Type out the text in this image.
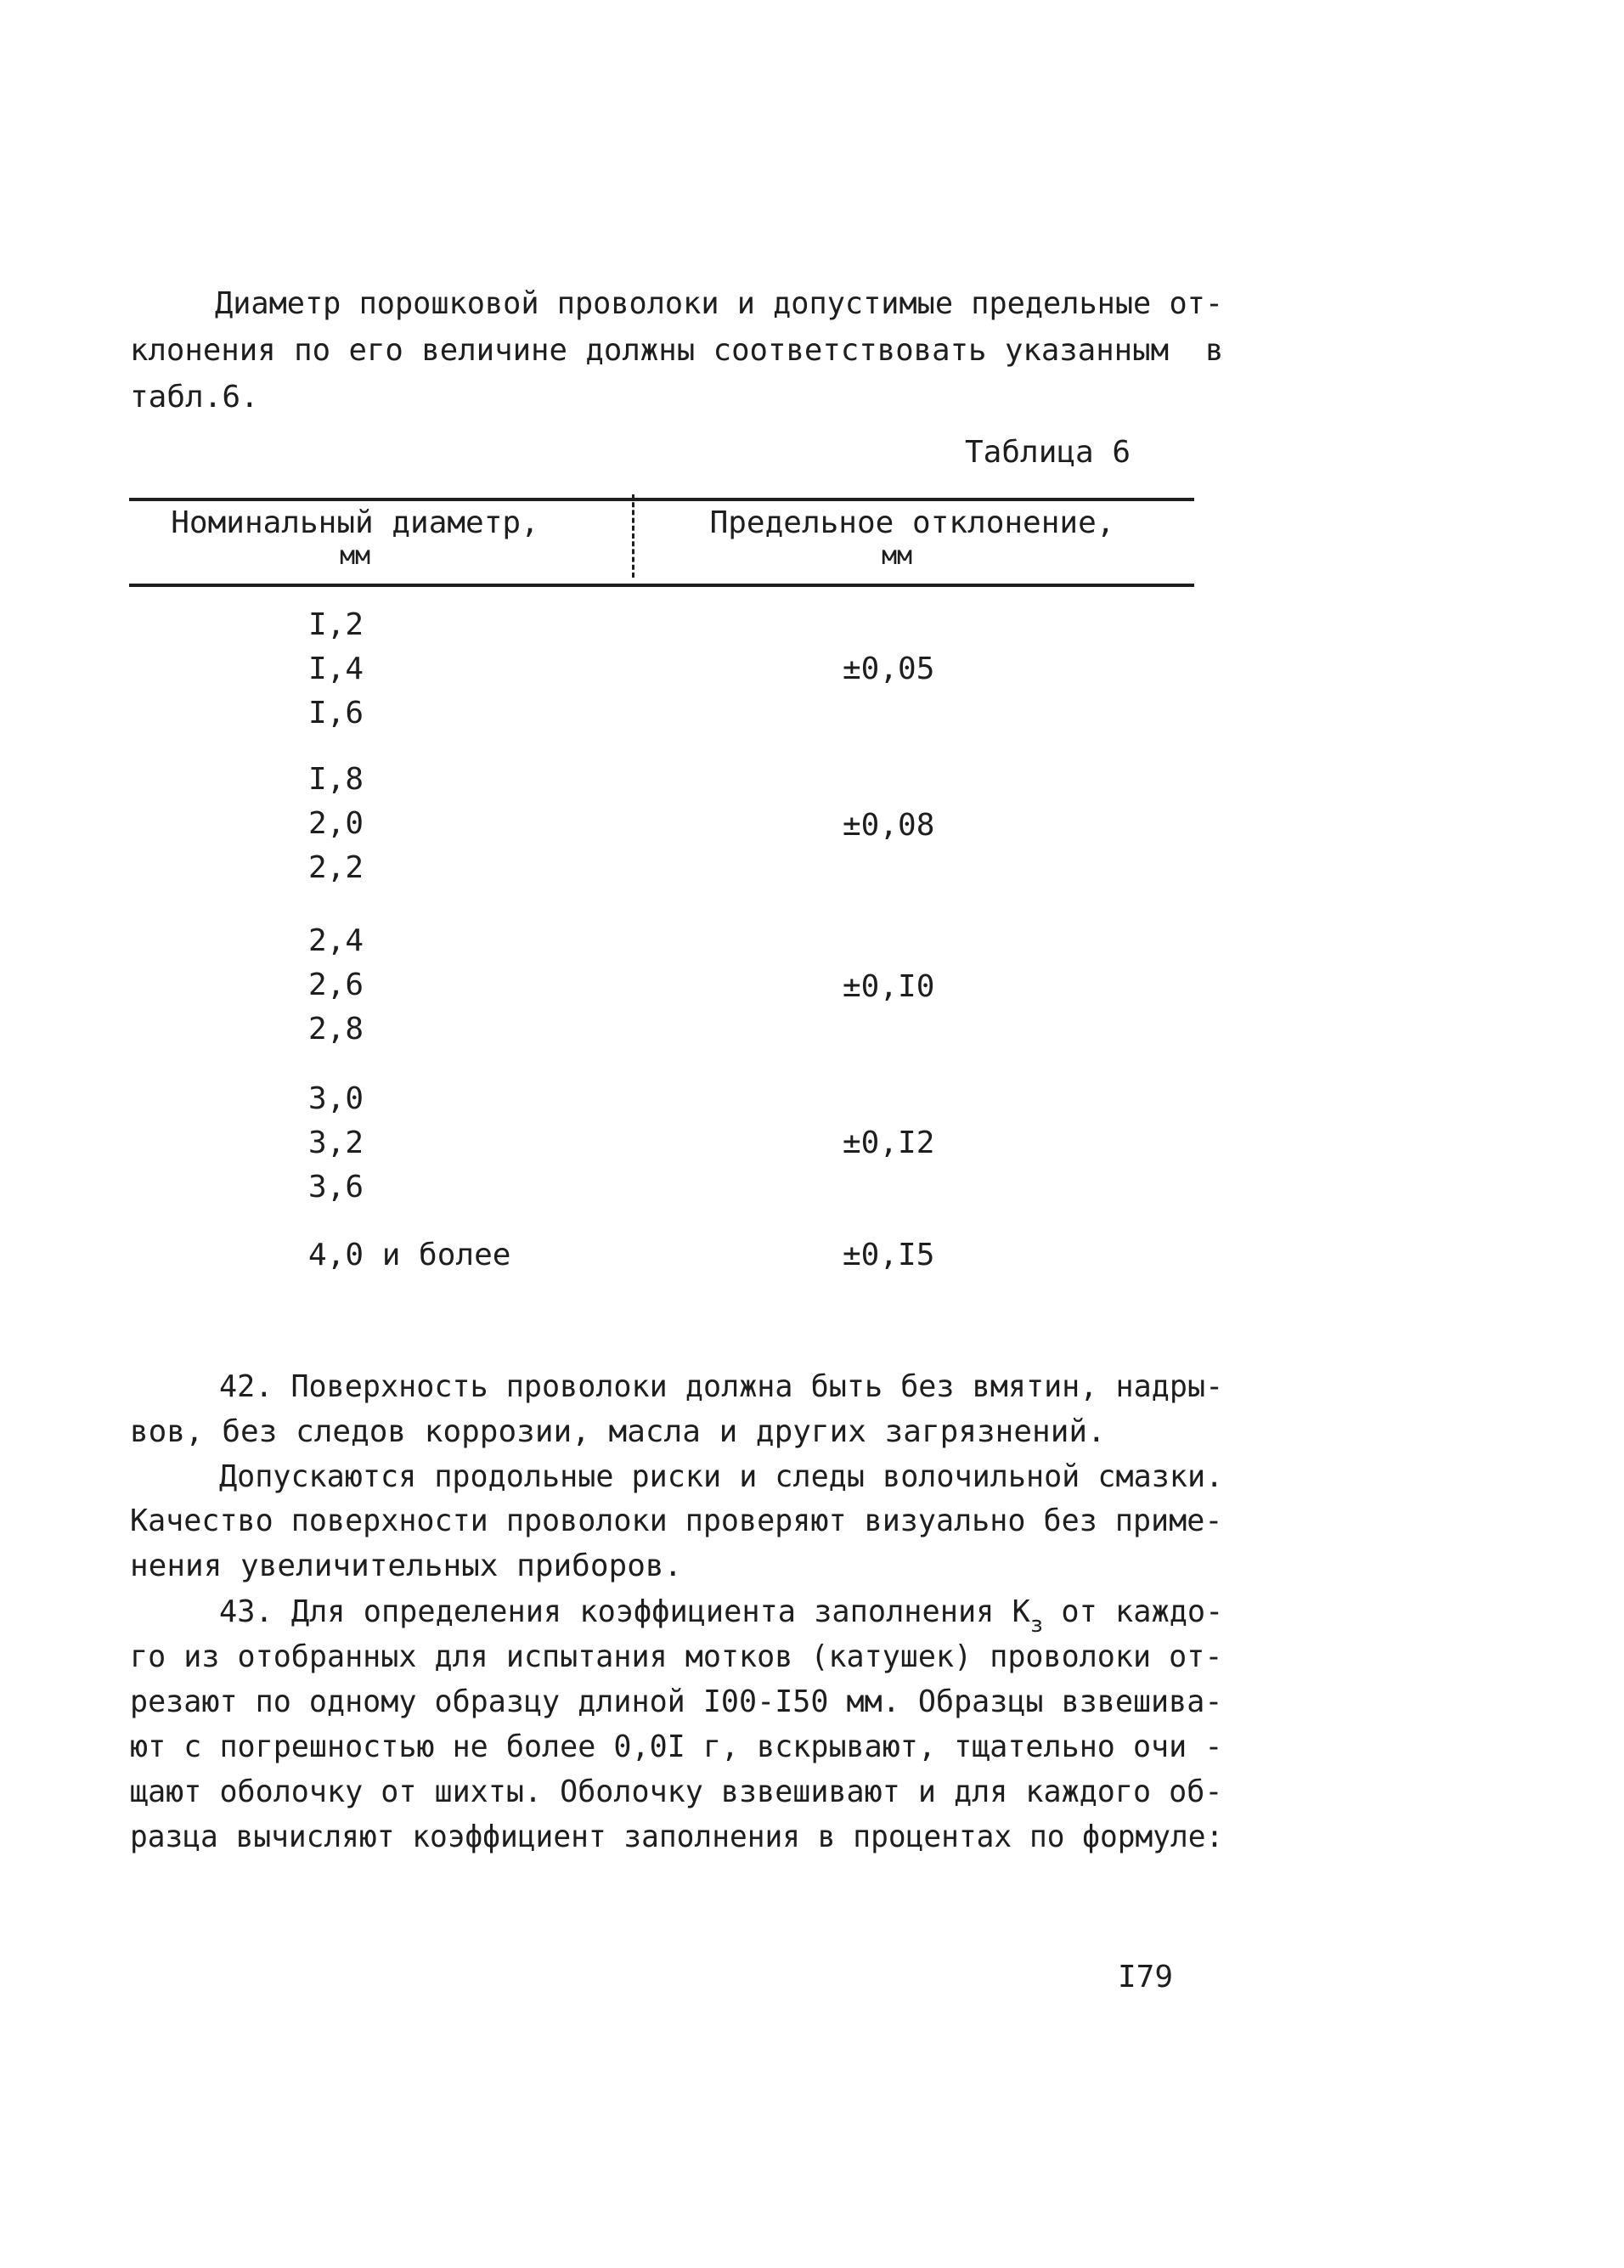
Диаметр порошковой проволоки и допустимые предельные от-
клонения по его величине должны соответствовать указанным  в
табл.6.
Таблица 6
Номинальный диаметр,
мм
Предельное отклонение,
мм
I,2
I,4
I,6
±0,05
I,8
2,0
2,2
±0,08
2,4
2,6
2,8
±0,I0
3,0
3,2
3,6
±0,I2
4,0 и более	±0,I5
42. Поверхность проволоки должна быть без вмятин, надры-
вов, без следов коррозии, масла и других загрязнений.
Допускаются продольные риски и следы волочильной смазки.
Качество поверхности проволоки проверяют визуально без приме-
нения увеличительных приборов.
43. Для определения коэффициента заполнения $К_з$ от каждо-
го из отобранных для испытания мотков (катушек) проволоки от-
резают по одному образцу длиной I00-I50 мм. Образцы взвешива-
ют с погрешностью не более 0,0I г, вскрывают, тщательно очи -
щают оболочку от шихты. Оболочку взвешивают и для каждого об-
разца вычисляют коэффициент заполнения в процентах по формуле:
I79
